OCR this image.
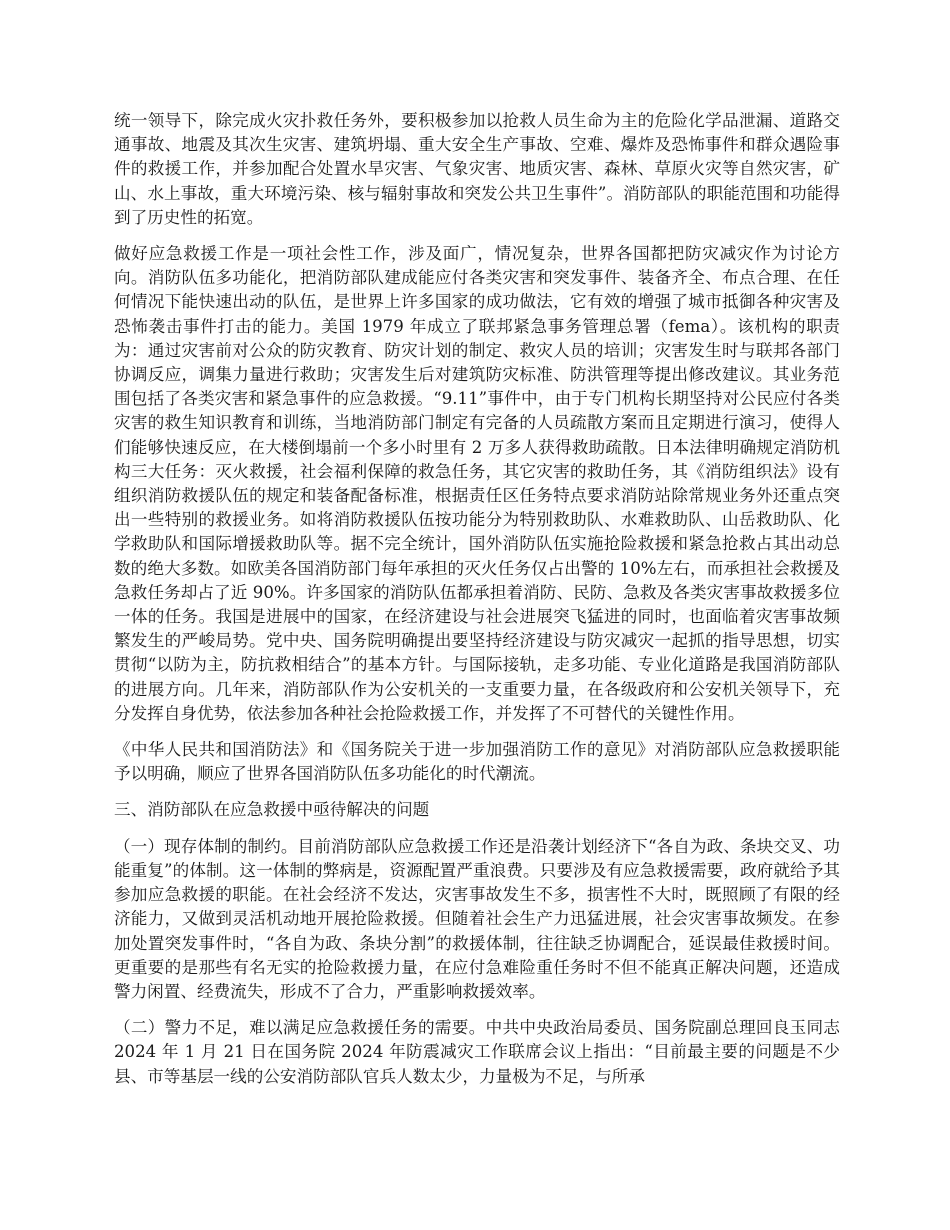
统一领导下，除完成火灾扑救任务外，要积极参加以抢救人员生命为主的危险化学品泄漏、道路交通事故、地震及其次生灾害、建筑坍塌、重大安全生产事故、空难、爆炸及恐怖事件和群众遇险事件的救援工作，并参加配合处置水旱灾害、气象灾害、地质灾害、森林、草原火灾等自然灾害，矿山、水上事故，重大环境污染、核与辐射事故和突发公共卫生事件”。消防部队的职能范围和功能得到了历史性的拓宽。

做好应急救援工作是一项社会性工作，涉及面广，情况复杂，世界各国都把防灾减灾作为讨论方向。消防队伍多功能化，把消防部队建成能应付各类灾害和突发事件、装备齐全、布点合理、在任何情况下能快速出动的队伍，是世界上许多国家的成功做法，它有效的增强了城市抵御各种灾害及恐怖袭击事件打击的能力。美国 1979 年成立了联邦紧急事务管理总署（fema）。该机构的职责为：通过灾害前对公众的防灾教育、防灾计划的制定、救灾人员的培训；灾害发生时与联邦各部门协调反应，调集力量进行救助；灾害发生后对建筑防灾标准、防洪管理等提出修改建议。其业务范围包括了各类灾害和紧急事件的应急救援。“9.11”事件中，由于专门机构长期坚持对公民应付各类灾害的救生知识教育和训练，当地消防部门制定有完备的人员疏散方案而且定期进行演习，使得人们能够快速反应，在大楼倒塌前一个多小时里有 2 万多人获得救助疏散。日本法律明确规定消防机构三大任务：灭火救援，社会福利保障的救急任务，其它灾害的救助任务，其《消防组织法》设有组织消防救援队伍的规定和装备配备标准，根据责任区任务特点要求消防站除常规业务外还重点突出一些特别的救援业务。如将消防救援队伍按功能分为特别救助队、水难救助队、山岳救助队、化学救助队和国际增援救助队等。据不完全统计，国外消防队伍实施抢险救援和紧急抢救占其出动总数的绝大多数。如欧美各国消防部门每年承担的灭火任务仅占出警的 10%左右，而承担社会救援及急救任务却占了近 90%。许多国家的消防队伍都承担着消防、民防、急救及各类灾害事故救援多位一体的任务。我国是进展中的国家，在经济建设与社会进展突飞猛进的同时，也面临着灾害事故频繁发生的严峻局势。党中央、国务院明确提出要坚持经济建设与防灾减灾一起抓的指导思想，切实贯彻“以防为主，防抗救相结合”的基本方针。与国际接轨，走多功能、专业化道路是我国消防部队的进展方向。几年来，消防部队作为公安机关的一支重要力量，在各级政府和公安机关领导下，充分发挥自身优势，依法参加各种社会抢险救援工作，并发挥了不可替代的关键性作用。

《中华人民共和国消防法》和《国务院关于进一步加强消防工作的意见》对消防部队应急救援职能予以明确，顺应了世界各国消防队伍多功能化的时代潮流。

三、消防部队在应急救援中亟待解决的问题

（一）现存体制的制约。目前消防部队应急救援工作还是沿袭计划经济下“各自为政、条块交叉、功能重复”的体制。这一体制的弊病是，资源配置严重浪费。只要涉及有应急救援需要，政府就给予其参加应急救援的职能。在社会经济不发达，灾害事故发生不多，损害性不大时，既照顾了有限的经济能力，又做到灵活机动地开展抢险救援。但随着社会生产力迅猛进展，社会灾害事故频发。在参加处置突发事件时，“各自为政、条块分割”的救援体制，往往缺乏协调配合，延误最佳救援时间。更重要的是那些有名无实的抢险救援力量，在应付急难险重任务时不但不能真正解决问题，还造成警力闲置、经费流失，形成不了合力，严重影响救援效率。

（二）警力不足，难以满足应急救援任务的需要。中共中央政治局委员、国务院副总理回良玉同志 2024 年 1 月 21 日在国务院 2024 年防震减灾工作联席会议上指出：“目前最主要的问题是不少县、市等基层一线的公安消防部队官兵人数太少，力量极为不足，与所承
